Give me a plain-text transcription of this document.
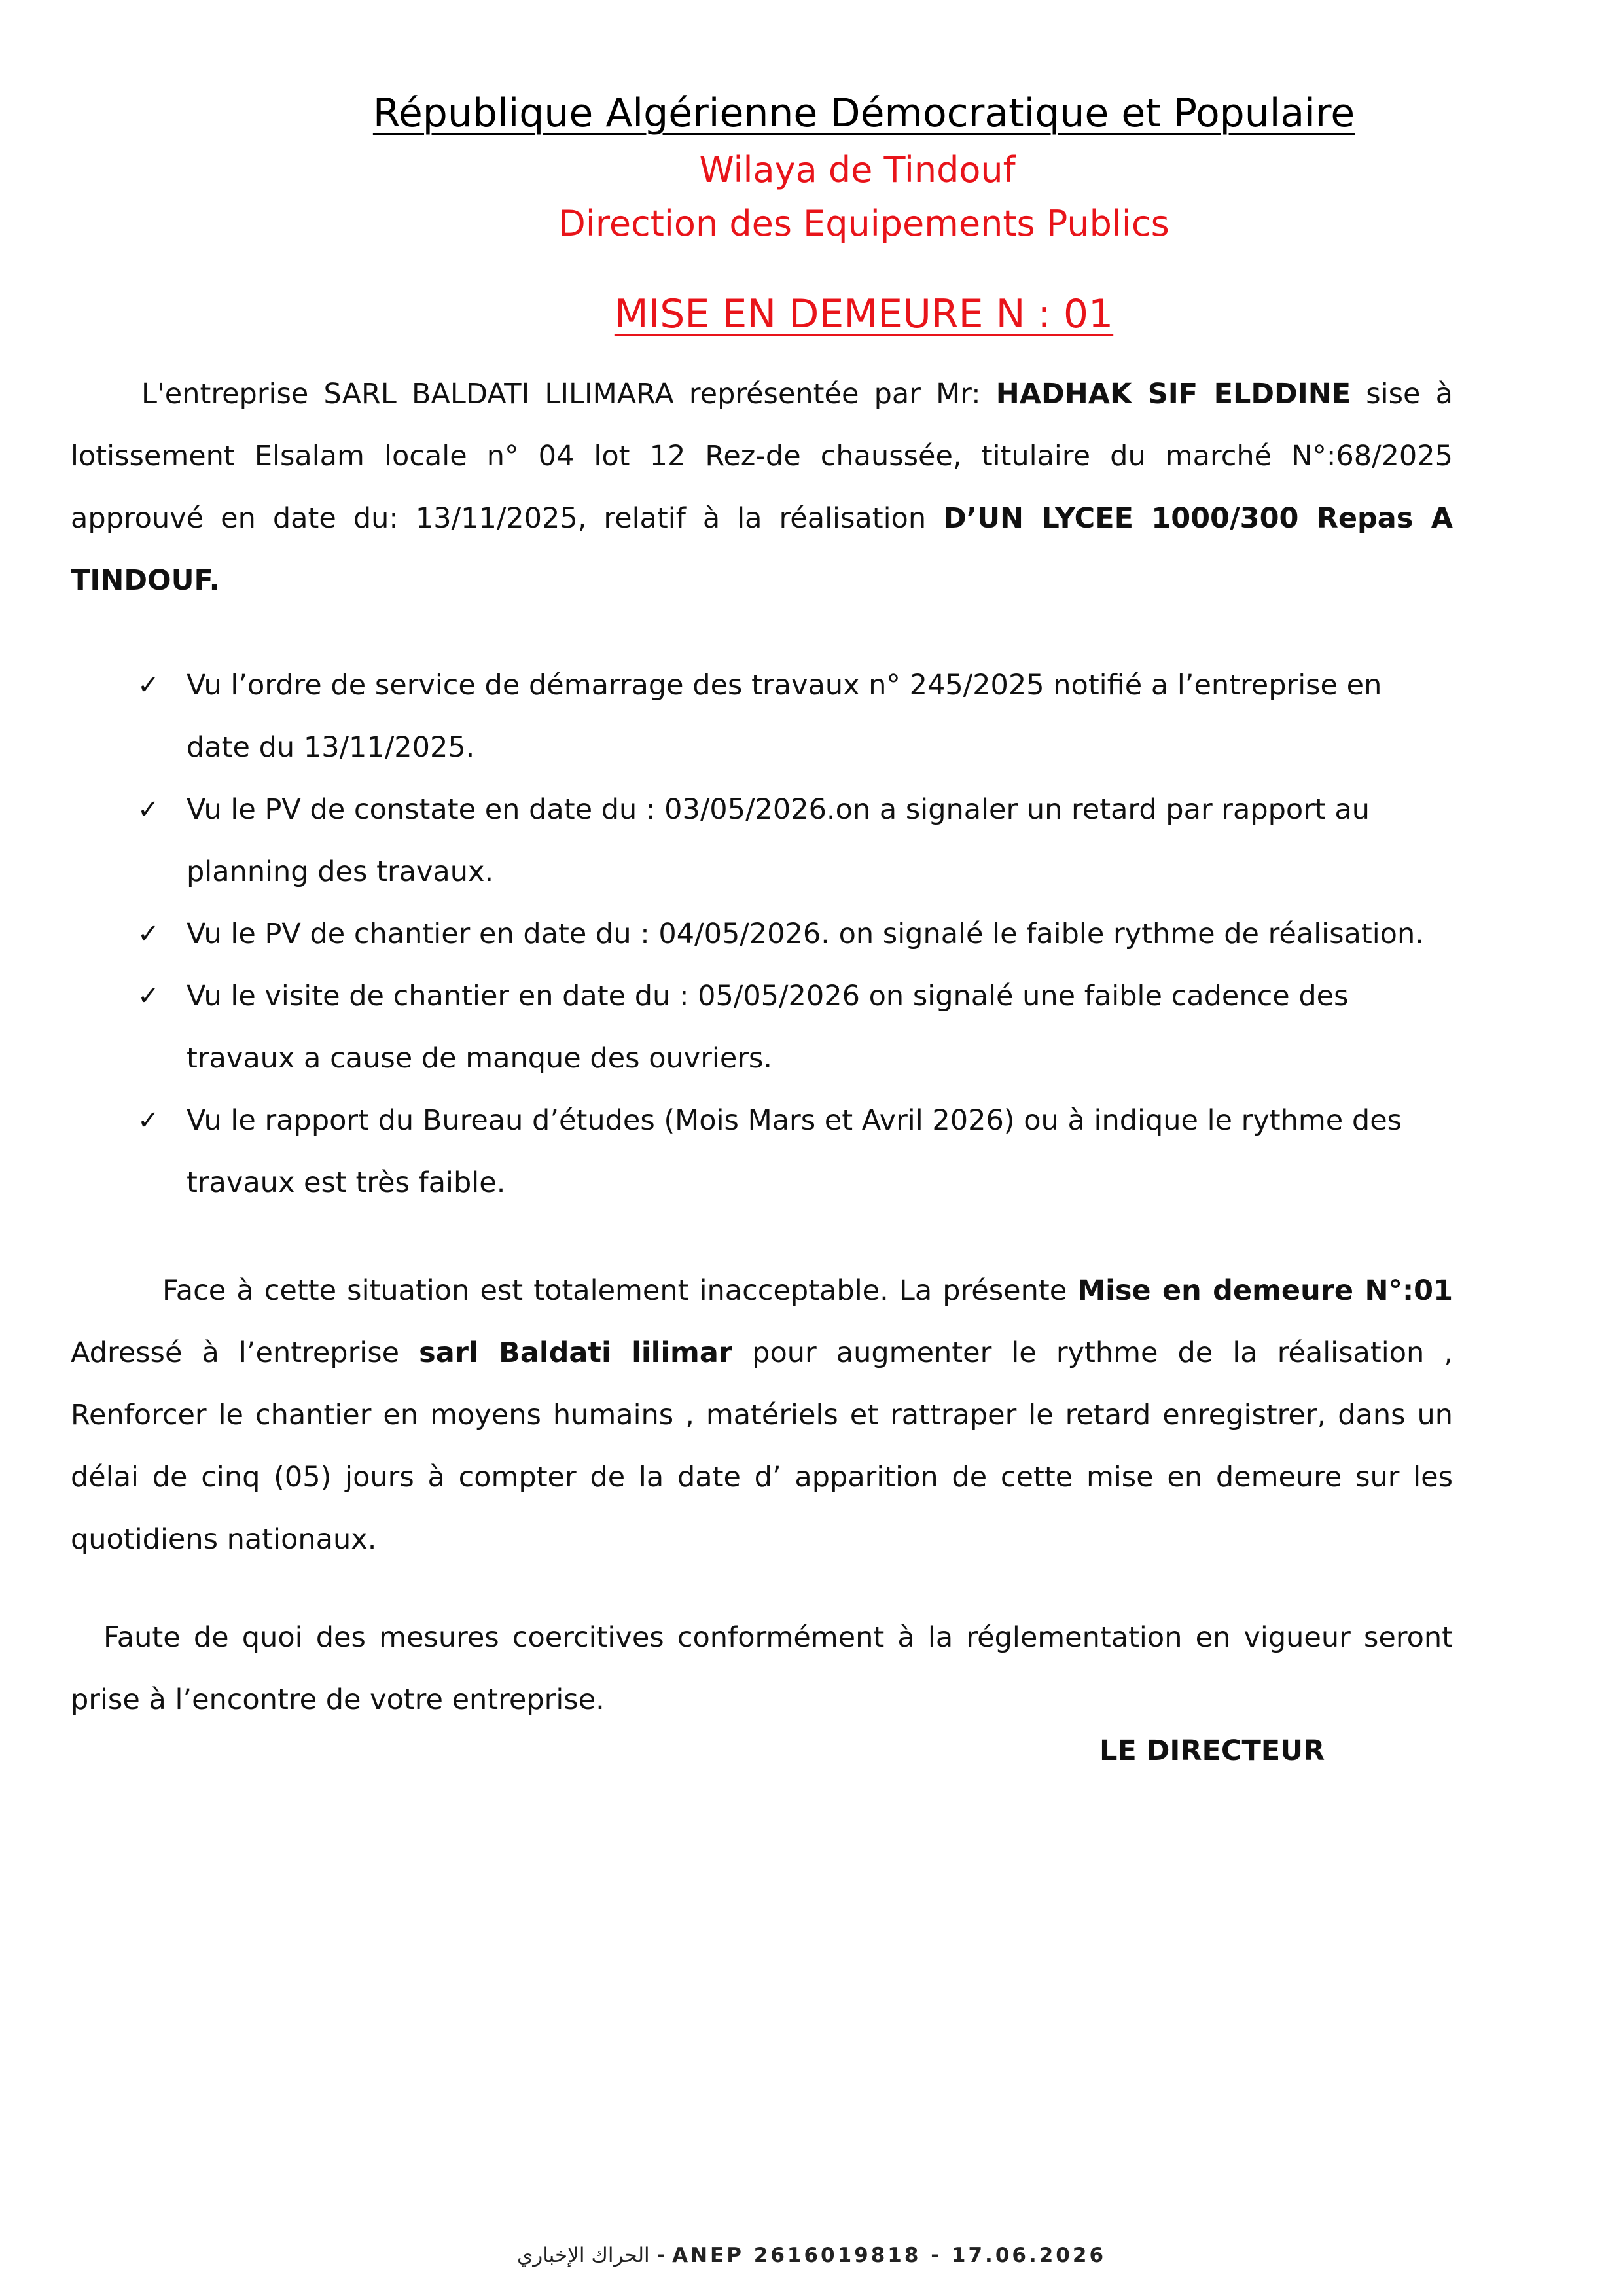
République Algérienne Démocratique et Populaire
Wilaya de Tindouf
Direction des Equipements Publics
MISE EN DEMEURE N : 01

L'entreprise SARL BALDATI LILIMARA représentée par Mr: HADHAK SIF ELDDINE sise à lotissement Elsalam locale n° 04 lot 12 Rez-de chaussée, titulaire du marché N°:68/2025 approuvé en date du: 13/11/2025, relatif à la réalisation D’UN LYCEE 1000/300 Repas A TINDOUF.

✓ Vu l’ordre de service de démarrage des travaux n° 245/2025 notifié a l’entreprise en date du 13/11/2025.
✓ Vu le PV de constate en date du : 03/05/2026.on a signaler un retard par rapport au planning des travaux.
✓ Vu le PV de chantier en date du : 04/05/2026. on signalé le faible rythme de réalisation.
✓ Vu le visite de chantier en date du : 05/05/2026 on signalé une faible cadence des travaux a cause de manque des ouvriers.
✓ Vu le rapport du Bureau d’études (Mois Mars et Avril 2026) ou à indique le rythme des travaux est très faible.

Face à cette situation est totalement inacceptable. La présente Mise en demeure N°:01 Adressé à l’entreprise sarl Baldati lilimar pour augmenter le rythme de la réalisation , Renforcer le chantier en moyens humains , matériels et rattraper le retard enregistrer, dans un délai de cinq (05) jours à compter de la date d’ apparition de cette mise en demeure sur les quotidiens nationaux.

Faute de quoi des mesures coercitives conformément à la réglementation en vigueur seront prise à l’encontre de votre entreprise.

LE DIRECTEUR
الحراك الإخباري - ANEP 2616019818 - 17.06.2026
